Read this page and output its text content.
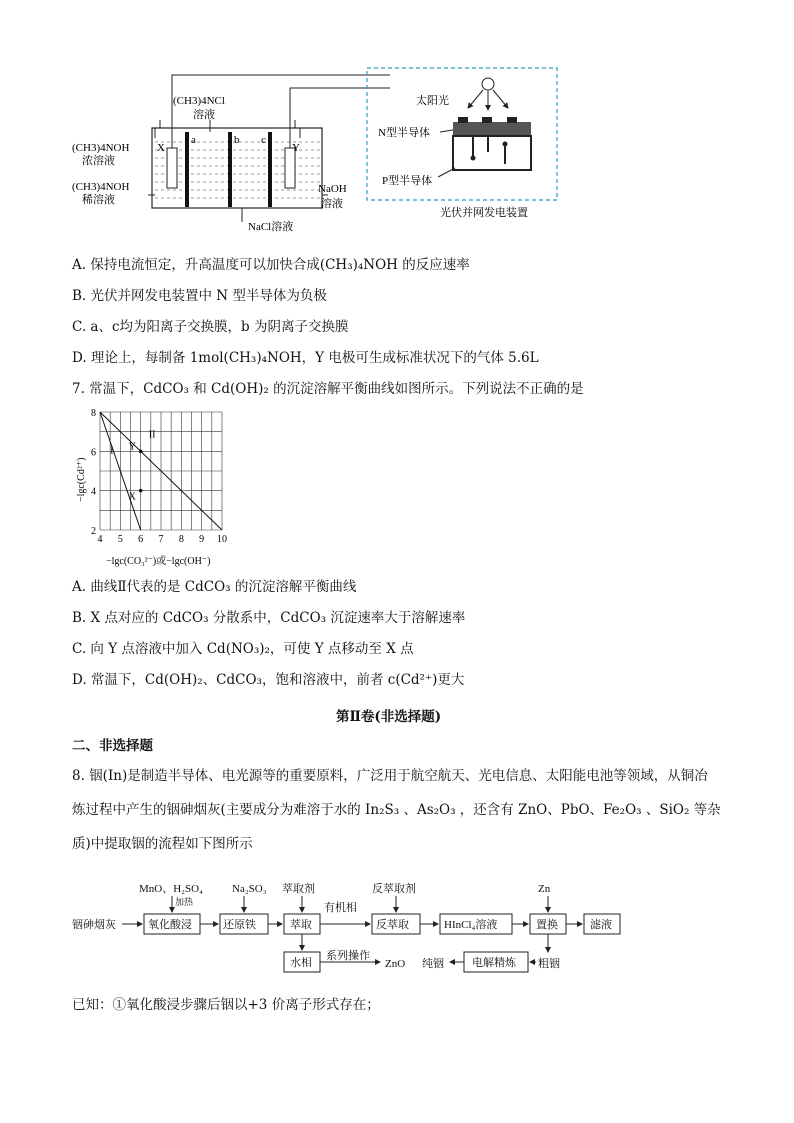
(CH3)4NCl
溶液
(CH3)4NOH
浓溶液
(CH3)4NOH
稀溶液
X	Y
a	b c
NaOH
溶液
NaCl溶液
太阳光
N型半导体
P型半导体
光伏并网发电装置
A. 保持电流恒定，升高温度可以加快合成(CH₃)₄NOH 的反应速率
B. 光伏并网发电装置中 N 型半导体为负极
C. a、c均为阳离子交换膜，b 为阴离子交换膜
D. 理论上，每制备 1mol(CH₃)₄NOH，Y 电极可生成标准状况下的气体 5.6L
7. 常温下，CdCO₃ 和 Cd(OH)₂ 的沉淀溶解平衡曲线如图所示。下列说法不正确的是
I
II
X
Y
4 5 6 7 8 9 10
2
4
6
8
−lgc(CO₃²⁻)或−lgc(OH⁻)
−lgc(Cd²⁺)
A. 曲线Ⅱ代表的是 CdCO₃ 的沉淀溶解平衡曲线
B. X 点对应的 CdCO₃ 分散系中，CdCO₃ 沉淀速率大于溶解速率
C. 向 Y 点溶液中加入 Cd(NO₃)₂，可使 Y 点移动至 X 点
D. 常温下，Cd(OH)₂、CdCO₃，饱和溶液中，前者 c(Cd²⁺)更大
第Ⅱ卷(非选择题)
二、非选择题
8. 铟(In)是制造半导体、电光源等的重要原料，广泛用于航空航天、光电信息、太阳能电池等领域，从铜冶
炼过程中产生的铟砷烟灰(主要成分为难溶于水的 In₂S₃ 、As₂O₃ ，还含有 ZnO、PbO、Fe₂O₃ 、SiO₂ 等杂
质)中提取铟的流程如下图所示
铟砷烟灰
MnO、H₂SO₄
加热
Na₂SO₃ 萃取剂	反萃取剂	Zn
氧化酸浸	还原铁	萃取
有机相
反萃取	HInCl₄溶液	置换	滤液
水相
系列操作
ZnO 纯铟	电解精炼 粗铟
已知：①氧化酸浸步骤后铟以+3 价离子形式存在；
